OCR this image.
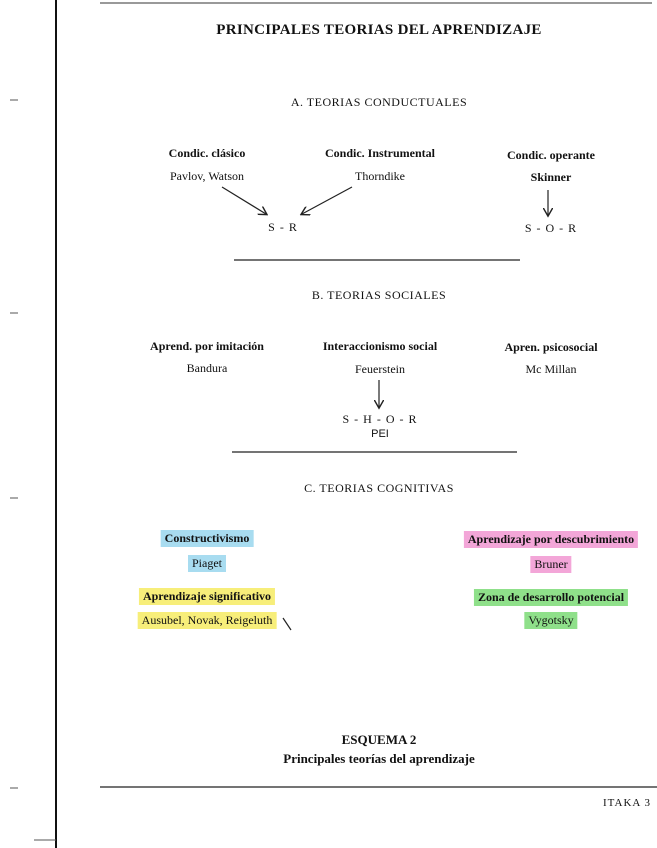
PRINCIPALES TEORIAS DEL APRENDIZAJE
A. TEORIAS CONDUCTUALES
Condic. clásico
Pavlov, Watson
Condic. Instrumental
Thorndike
Condic. operante
Skinner
S - R	S - O - R
B. TEORIAS SOCIALES
Aprend. por imitación
Bandura
Interaccionismo social
Feuerstein
Apren. psicosocial
Mc Millan
S - H - O - R
PEI
C. TEORIAS COGNITIVAS
Constructivismo
Piaget
Aprendizaje por descubrimiento
Bruner
Aprendizaje significativo
Ausubel, Novak, Reigeluth
Zona de desarrollo potencial
Vygotsky
ESQUEMA 2
Principales teorías del aprendizaje
ITAKA 3
